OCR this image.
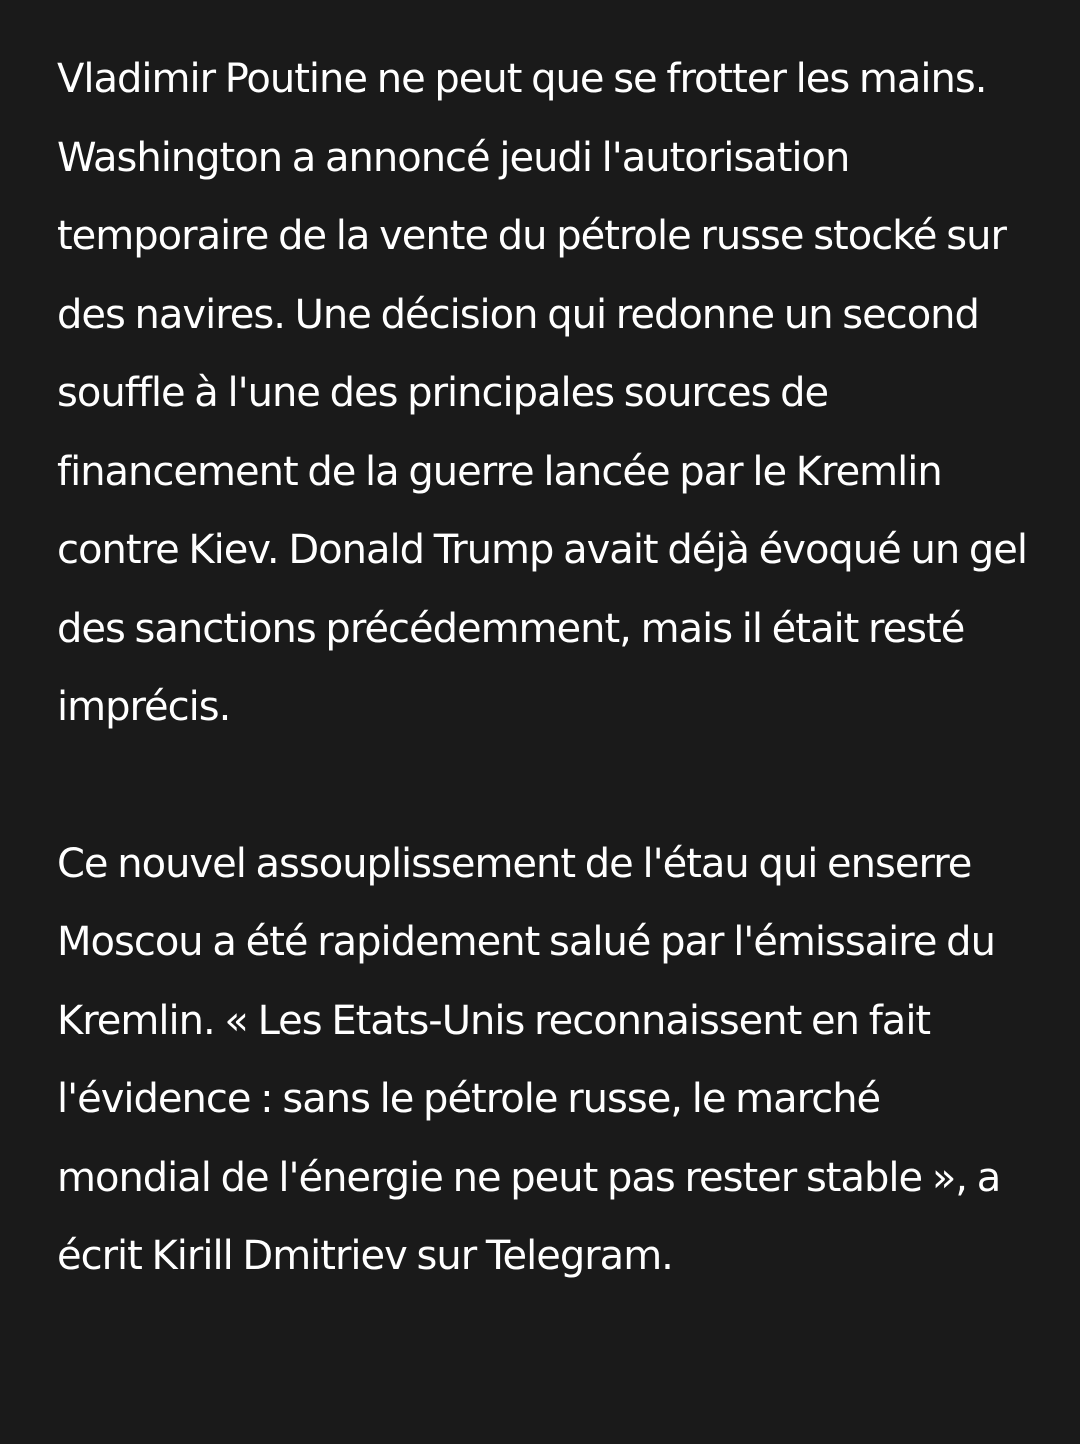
Vladimir Poutine ne peut que se frotter les mains. Washington a annoncé jeudi l'autorisation temporaire de la vente du pétrole russe stocké sur des navires. Une décision qui redonne un second souffle à l'une des principales sources de financement de la guerre lancée par le Kremlin contre Kiev. Donald Trump avait déjà évoqué un gel des sanctions précédemment, mais il était resté imprécis.

Ce nouvel assouplissement de l'étau qui enserre Moscou a été rapidement salué par l'émissaire du Kremlin. « Les Etats-Unis reconnaissent en fait l'évidence : sans le pétrole russe, le marché mondial de l'énergie ne peut pas rester stable », a écrit Kirill Dmitriev sur Telegram.
